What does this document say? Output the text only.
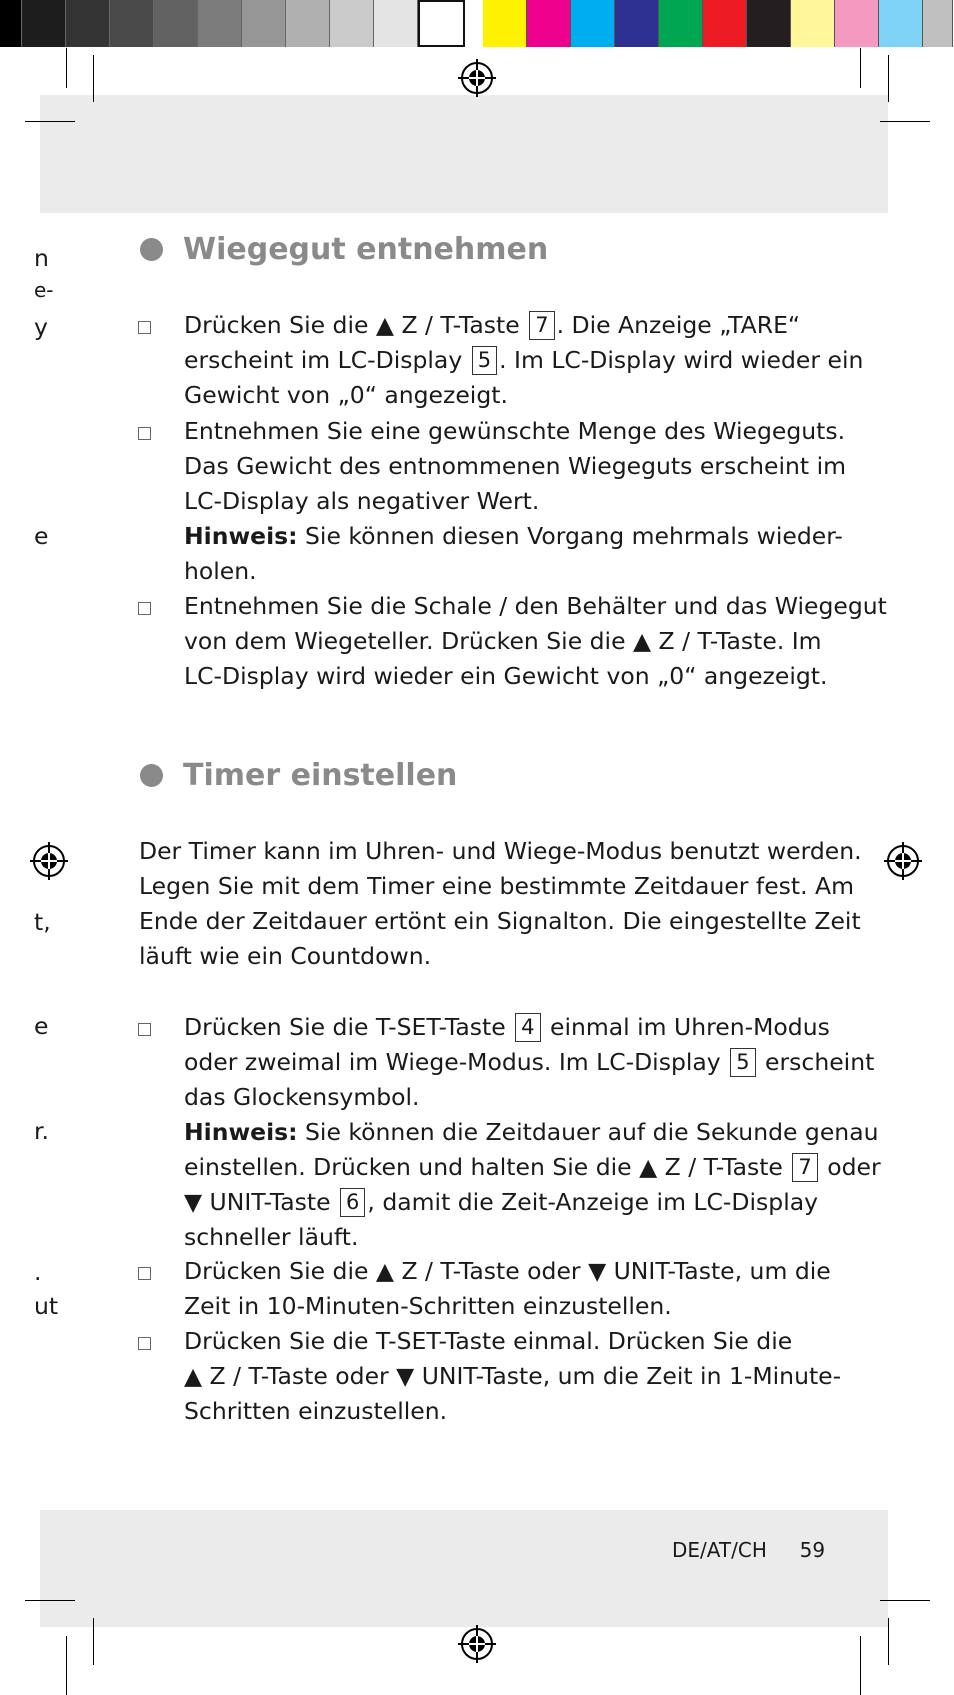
n
e-
y
e
t,
e
r.
.
ut
Wiegegut entnehmen
Drücken Sie die ▲ Z / T-Taste 7 . Die Anzeige „TARE“
erscheint im LC-Display 5 . Im LC-Display wird wieder ein
Gewicht von „0“ angezeigt.
Entnehmen Sie eine gewünschte Menge des Wiegeguts.
Das Gewicht des entnommenen Wiegeguts erscheint im
LC-Display als negativer Wert.
Hinweis: Sie können diesen Vorgang mehrmals wieder-
holen.
Entnehmen Sie die Schale / den Behälter und das Wiegegut
von dem Wiegeteller. Drücken Sie die ▲ Z / T-Taste. Im
LC-Display wird wieder ein Gewicht von „0“ angezeigt.
Timer einstellen
Der Timer kann im Uhren- und Wiege-Modus benutzt werden.
Legen Sie mit dem Timer eine bestimmte Zeitdauer fest. Am
Ende der Zeitdauer ertönt ein Signalton. Die eingestellte Zeit
läuft wie ein Countdown.
Drücken Sie die T-SET-Taste 4 einmal im Uhren-Modus
oder zweimal im Wiege-Modus. Im LC-Display 5 erscheint
das Glockensymbol.
Hinweis: Sie können die Zeitdauer auf die Sekunde genau
einstellen. Drücken und halten Sie die ▲ Z / T-Taste 7 oder
▼ UNIT-Taste 6 , damit die Zeit-Anzeige im LC-Display
schneller läuft.
Drücken Sie die ▲ Z / T-Taste oder ▼ UNIT-Taste, um die
Zeit in 10-Minuten-Schritten einzustellen.
Drücken Sie die T-SET-Taste einmal. Drücken Sie die
▲ Z / T-Taste oder ▼ UNIT-Taste, um die Zeit in 1-Minute-
Schritten einzustellen.
DE/AT/CH 59
